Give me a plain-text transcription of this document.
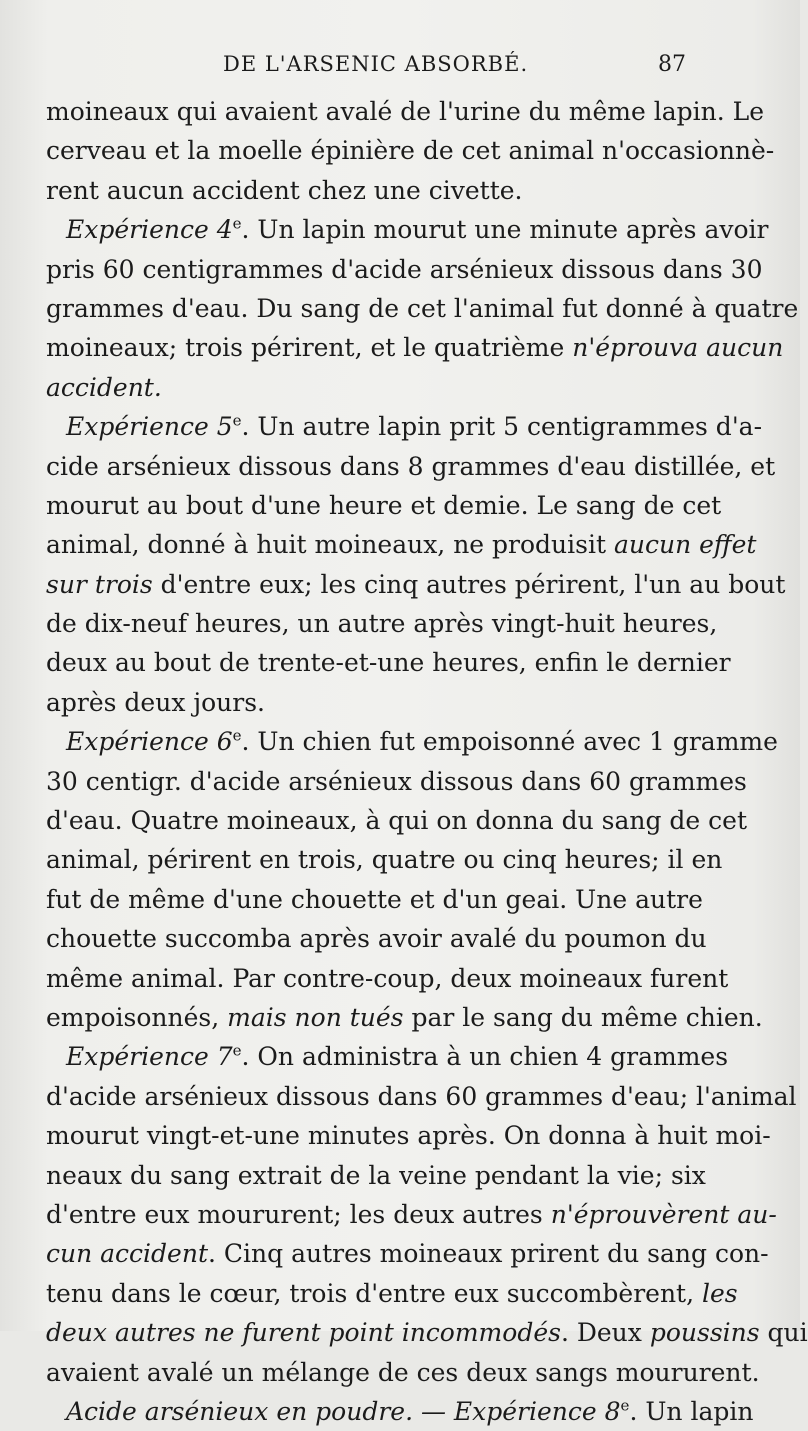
DE L'ARSENIC ABSORBÉ.	87
moineaux qui avaient avalé de l'urine du même lapin. Le
cerveau et la moelle épinière de cet animal n'occasionnè-
rent aucun accident chez une civette.
Expérience 4e. Un lapin mourut une minute après avoir
pris 60 centigrammes d'acide arsénieux dissous dans 30
grammes d'eau. Du sang de cet l'animal fut donné à quatre
moineaux; trois périrent, et le quatrième n'éprouva aucun
accident.
Expérience 5e. Un autre lapin prit 5 centigrammes d'a-
cide arsénieux dissous dans 8 grammes d'eau distillée, et
mourut au bout d'une heure et demie. Le sang de cet
animal, donné à huit moineaux, ne produisit aucun effet
sur trois d'entre eux; les cinq autres périrent, l'un au bout
de dix-neuf heures, un autre après vingt-huit heures,
deux au bout de trente-et-une heures, enfin le dernier
après deux jours.
Expérience 6e. Un chien fut empoisonné avec 1 gramme
30 centigr. d'acide arsénieux dissous dans 60 grammes
d'eau. Quatre moineaux, à qui on donna du sang de cet
animal, périrent en trois, quatre ou cinq heures; il en
fut de même d'une chouette et d'un geai. Une autre
chouette succomba après avoir avalé du poumon du
même animal. Par contre-coup, deux moineaux furent
empoisonnés, mais non tués par le sang du même chien.
Expérience 7e. On administra à un chien 4 grammes
d'acide arsénieux dissous dans 60 grammes d'eau; l'animal
mourut vingt-et-une minutes après. On donna à huit moi-
neaux du sang extrait de la veine pendant la vie; six
d'entre eux moururent; les deux autres n'éprouvèrent au-
cun accident. Cinq autres moineaux prirent du sang con-
tenu dans le cœur, trois d'entre eux succombèrent, les
deux autres ne furent point incommodés. Deux poussins qui
avaient avalé un mélange de ces deux sangs moururent.
Acide arsénieux en poudre. — Expérience 8e. Un lapin
